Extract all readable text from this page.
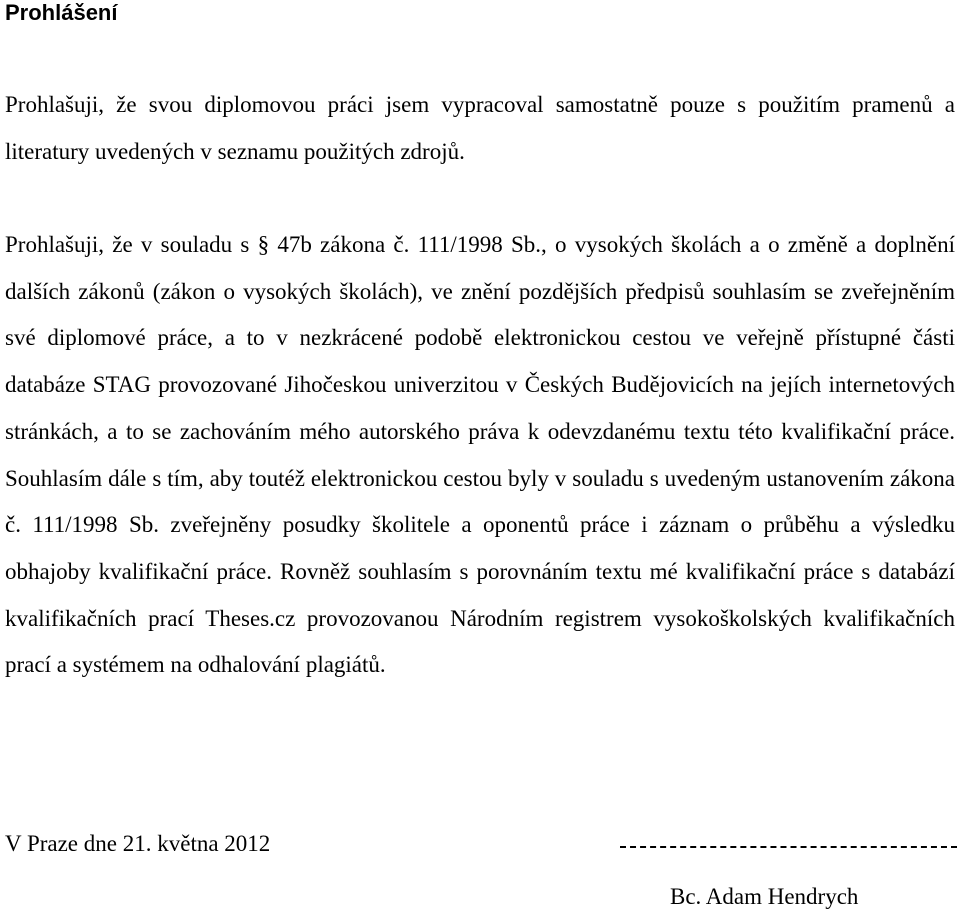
Prohlášení

Prohlašuji, že svou diplomovou práci jsem vypracoval samostatně pouze s použitím pramenů a literatury uvedených v seznamu použitých zdrojů.

Prohlašuji, že v souladu s § 47b zákona č. 111/1998 Sb., o vysokých školách a o změně a doplnění dalších zákonů (zákon o vysokých školách), ve znění pozdějších předpisů souhlasím se zveřejněním své diplomové práce, a to v nezkrácené podobě elektronickou cestou ve veřejně přístupné části databáze STAG provozované Jihočeskou univerzitou v Českých Budějovicích na jejích internetových stránkách, a to se zachováním mého autorského práva k odevzdanému textu této kvalifikační práce. Souhlasím dále s tím, aby toutéž elektronickou cestou byly v souladu s uvedeným ustanovením zákona č. 111/1998 Sb. zveřejněny posudky školitele a oponentů práce i záznam o průběhu a výsledku obhajoby kvalifikační práce. Rovněž souhlasím s porovnáním textu mé kvalifikační práce s databází kvalifikačních prací Theses.cz provozovanou Národním registrem vysokoškolských kvalifikačních prací a systémem na odhalování plagiátů.

V Praze dne 21. května 2012
Bc. Adam Hendrych
